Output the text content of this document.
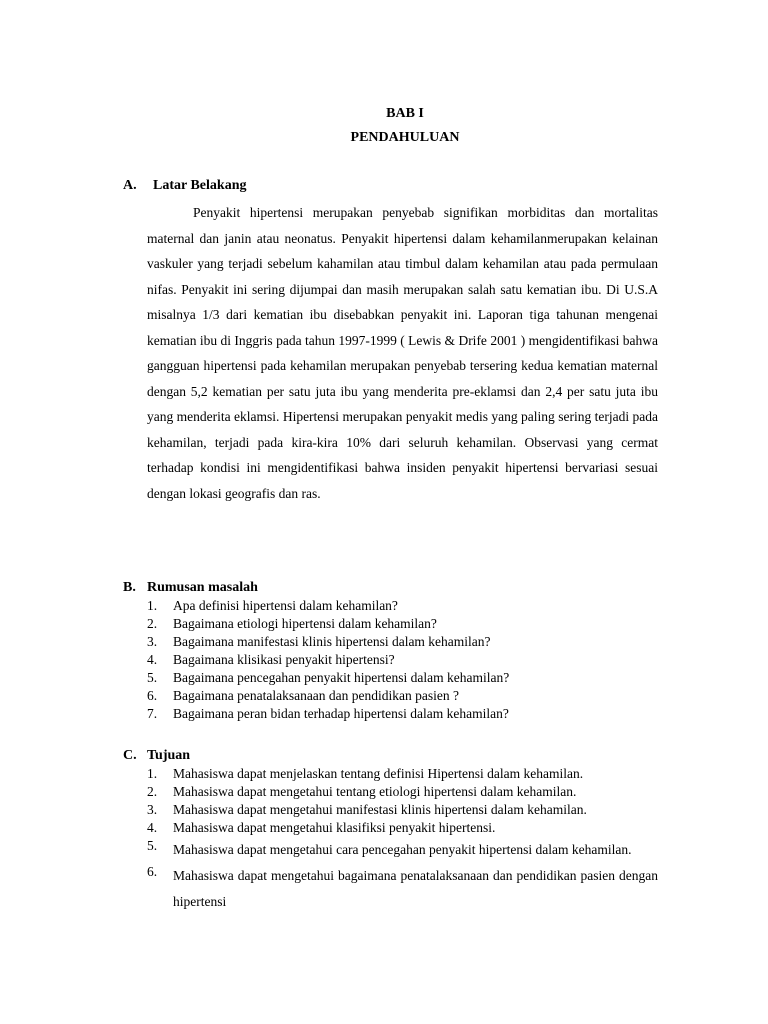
BAB I
PENDAHULUAN
A. Latar Belakang

Penyakit hipertensi merupakan penyebab signifikan morbiditas dan mortalitas maternal dan janin atau neonatus. Penyakit hipertensi dalam kehamilanmerupakan kelainan vaskuler yang terjadi sebelum kahamilan atau timbul dalam kehamilan atau pada permulaan nifas. Penyakit ini sering dijumpai dan masih merupakan salah satu kematian ibu. Di U.S.A misalnya 1/3 dari kematian ibu disebabkan penyakit ini. Laporan tiga tahunan mengenai kematian ibu di Inggris pada tahun 1997-1999 ( Lewis & Drife 2001 ) mengidentifikasi bahwa gangguan hipertensi pada kehamilan merupakan penyebab tersering kedua kematian maternal dengan 5,2 kematian per satu juta ibu yang menderita pre-eklamsi dan 2,4 per satu juta ibu yang menderita eklamsi. Hipertensi merupakan penyakit medis yang paling sering terjadi pada kehamilan, terjadi pada kira-kira 10% dari seluruh kehamilan. Observasi yang cermat terhadap kondisi ini mengidentifikasi bahwa insiden penyakit hipertensi bervariasi sesuai dengan lokasi geografis dan ras.

B. Rumusan masalah
1. Apa definisi hipertensi dalam kehamilan?
2. Bagaimana etiologi hipertensi dalam kehamilan?
3. Bagaimana manifestasi klinis hipertensi dalam kehamilan?
4. Bagaimana klisikasi penyakit hipertensi?
5. Bagaimana pencegahan penyakit hipertensi dalam kehamilan?
6. Bagaimana penatalaksanaan dan pendidikan pasien ?
7. Bagaimana peran bidan terhadap hipertensi dalam kehamilan?
C. Tujuan
1. Mahasiswa dapat menjelaskan tentang definisi Hipertensi dalam kehamilan.
2. Mahasiswa dapat mengetahui tentang etiologi hipertensi dalam kehamilan.
3. Mahasiswa dapat mengetahui manifestasi klinis hipertensi dalam kehamilan.
4. Mahasiswa dapat mengetahui klasifiksi penyakit hipertensi.
5. Mahasiswa dapat mengetahui cara pencegahan penyakit hipertensi dalam kehamilan.
6. Mahasiswa dapat mengetahui bagaimana penatalaksanaan dan pendidikan pasien dengan hipertensi
